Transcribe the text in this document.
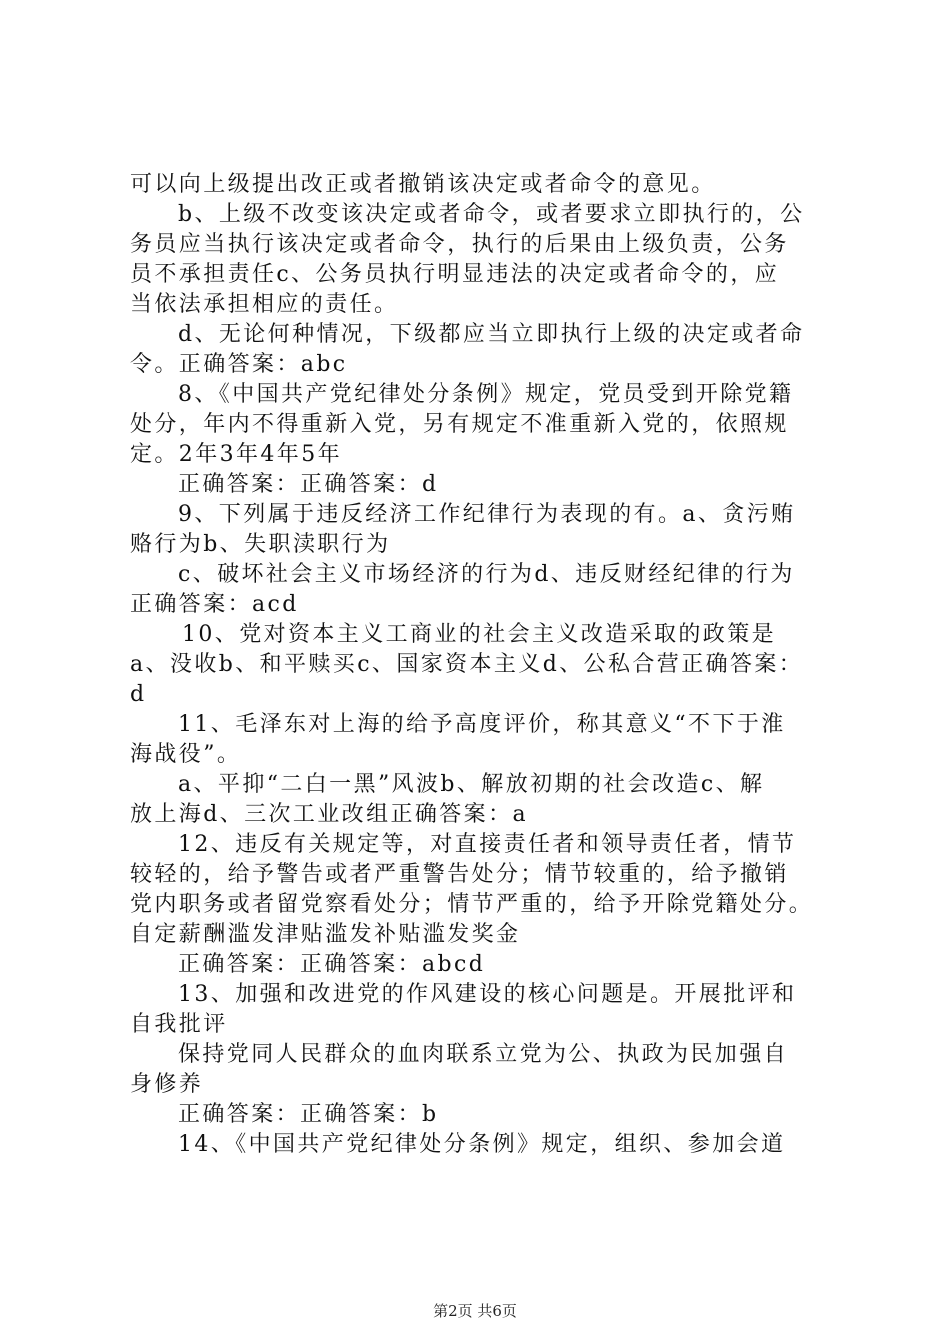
可以向上级提出改正或者撤销该决定或者命令的意见。
b、上级不改变该决定或者命令，或者要求立即执行的，公
务员应当执行该决定或者命令，执行的后果由上级负责，公务
员不承担责任c、公务员执行明显违法的决定或者命令的，应
当依法承担相应的责任。
d、无论何种情况，下级都应当立即执行上级的决定或者命
令。正确答案：abc
8、《中国共产党纪律处分条例》规定，党员受到开除党籍
处分，年内不得重新入党，另有规定不准重新入党的，依照规
定。2年3年4年5年
正确答案：正确答案：d
9、下列属于违反经济工作纪律行为表现的有。a、贪污贿
赂行为b、失职渎职行为
c、破坏社会主义市场经济的行为d、违反财经纪律的行为
正确答案：acd
10、党对资本主义工商业的社会主义改造采取的政策是
a、没收b、和平赎买c、国家资本主义d、公私合营正确答案：
d
11、毛泽东对上海的给予高度评价，称其意义“不下于淮
海战役”。
a、平抑“二白一黑”风波b、解放初期的社会改造c、解
放上海d、三次工业改组正确答案：a
12、违反有关规定等，对直接责任者和领导责任者，情节
较轻的，给予警告或者严重警告处分；情节较重的，给予撤销
党内职务或者留党察看处分；情节严重的，给予开除党籍处分。
自定薪酬滥发津贴滥发补贴滥发奖金
正确答案：正确答案：abcd
13、加强和改进党的作风建设的核心问题是。开展批评和
自我批评
保持党同人民群众的血肉联系立党为公、执政为民加强自
身修养
正确答案：正确答案：b
14、《中国共产党纪律处分条例》规定，组织、参加会道
第2页 共6页
